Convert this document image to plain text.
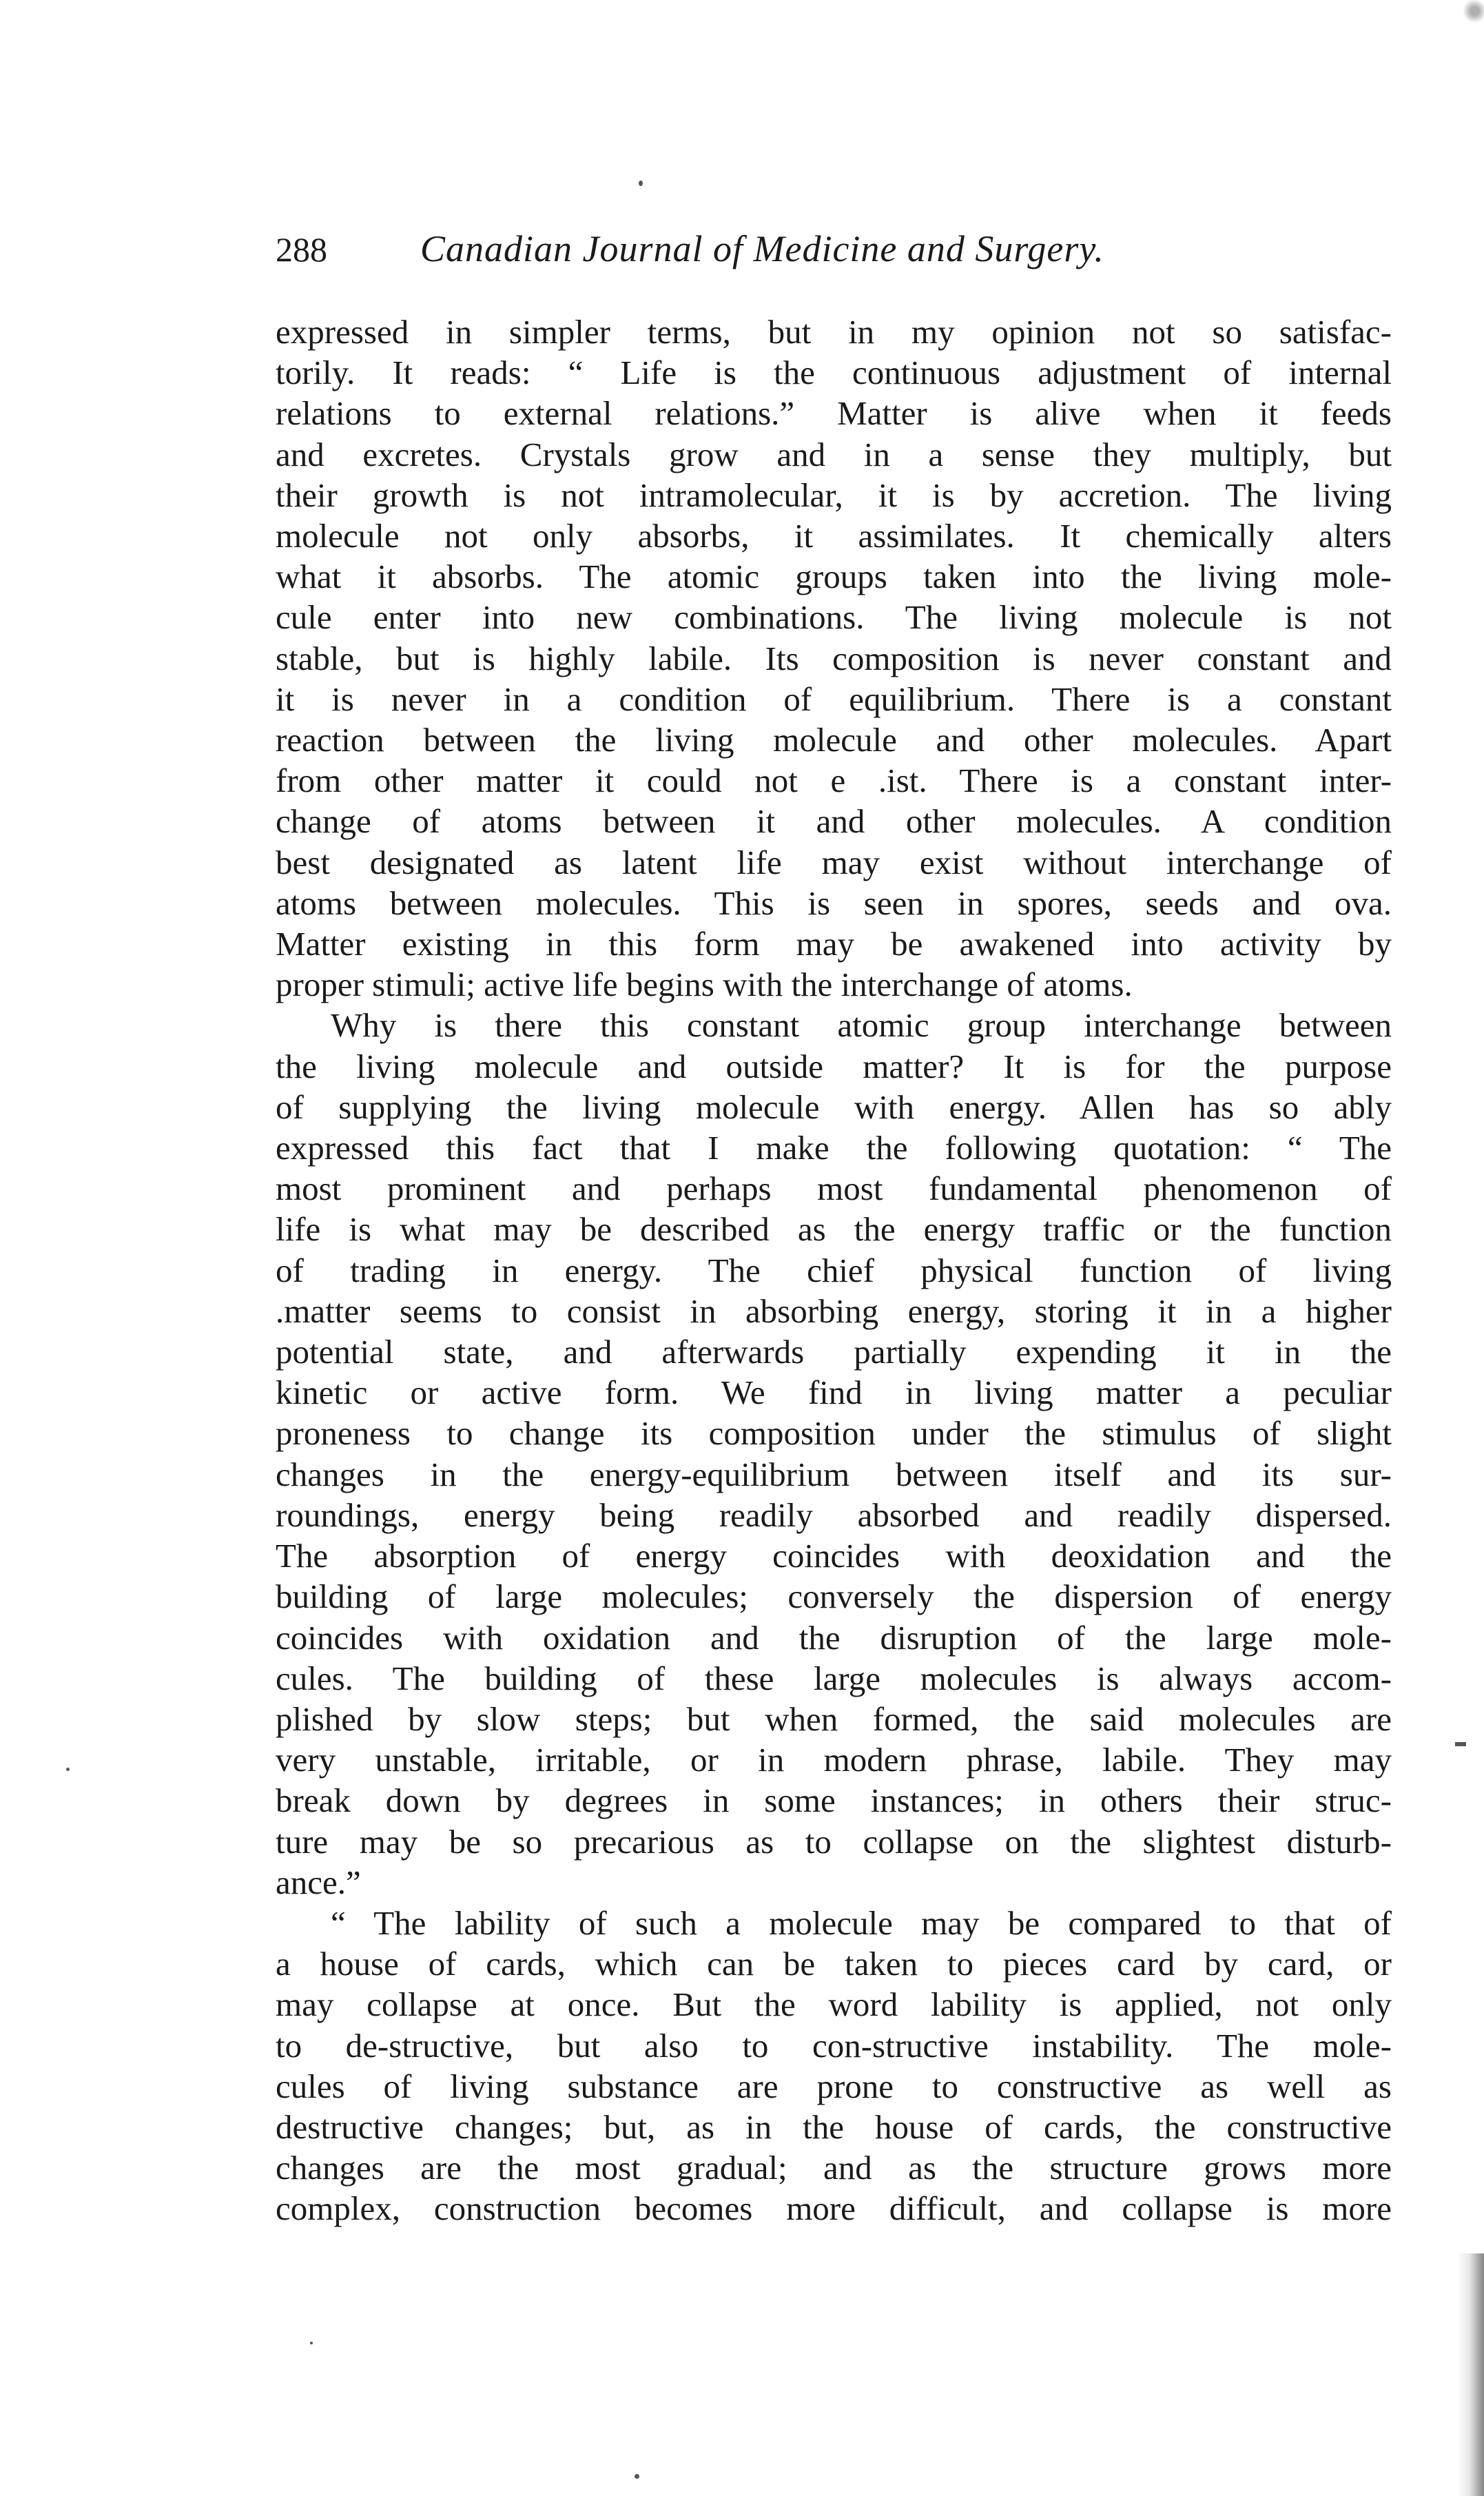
288	Canadian Journal of Medicine and Surgery.
expressed in simpler terms, but in my opinion not so satisfac-
torily. It reads: “ Life is the continuous adjustment of internal
relations to external relations.” Matter is alive when it feeds
and excretes. Crystals grow and in a sense they multiply, but
their growth is not intramolecular, it is by accretion. The living
molecule not only absorbs, it assimilates. It chemically alters
what it absorbs. The atomic groups taken into the living mole-
cule enter into new combinations. The living molecule is not
stable, but is highly labile. Its composition is never constant and
it is never in a condition of equilibrium. There is a constant
reaction between the living molecule and other molecules. Apart
from other matter it could not e .ist. There is a constant inter-
change of atoms between it and other molecules. A condition
best designated as latent life may exist without interchange of
atoms between molecules. This is seen in spores, seeds and ova.
Matter existing in this form may be awakened into activity by
proper stimuli; active life begins with the interchange of atoms.
Why is there this constant atomic group interchange between
the living molecule and outside matter? It is for the purpose
of supplying the living molecule with energy. Allen has so ably
expressed this fact that I make the following quotation: “ The
most prominent and perhaps most fundamental phenomenon of
life is what may be described as the energy traffic or the function
of trading in energy. The chief physical function of living
.matter seems to consist in absorbing energy, storing it in a higher
potential state, and afterwards partially expending it in the
kinetic or active form. We find in living matter a peculiar
proneness to change its composition under the stimulus of slight
changes in the energy-equilibrium between itself and its sur-
roundings, energy being readily absorbed and readily dispersed.
The absorption of energy coincides with deoxidation and the
building of large molecules; conversely the dispersion of energy
coincides with oxidation and the disruption of the large mole-
cules. The building of these large molecules is always accom-
plished by slow steps; but when formed, the said molecules are
very unstable, irritable, or in modern phrase, labile. They may
break down by degrees in some instances; in others their struc-
ture may be so precarious as to collapse on the slightest disturb-
ance.”
“ The lability of such a molecule may be compared to that of
a house of cards, which can be taken to pieces card by card, or
may collapse at once. But the word lability is applied, not only
to de-structive, but also to con-structive instability. The mole-
cules of living substance are prone to constructive as well as
destructive changes; but, as in the house of cards, the constructive
changes are the most gradual; and as the structure grows more
complex, construction becomes more difficult, and collapse is more
